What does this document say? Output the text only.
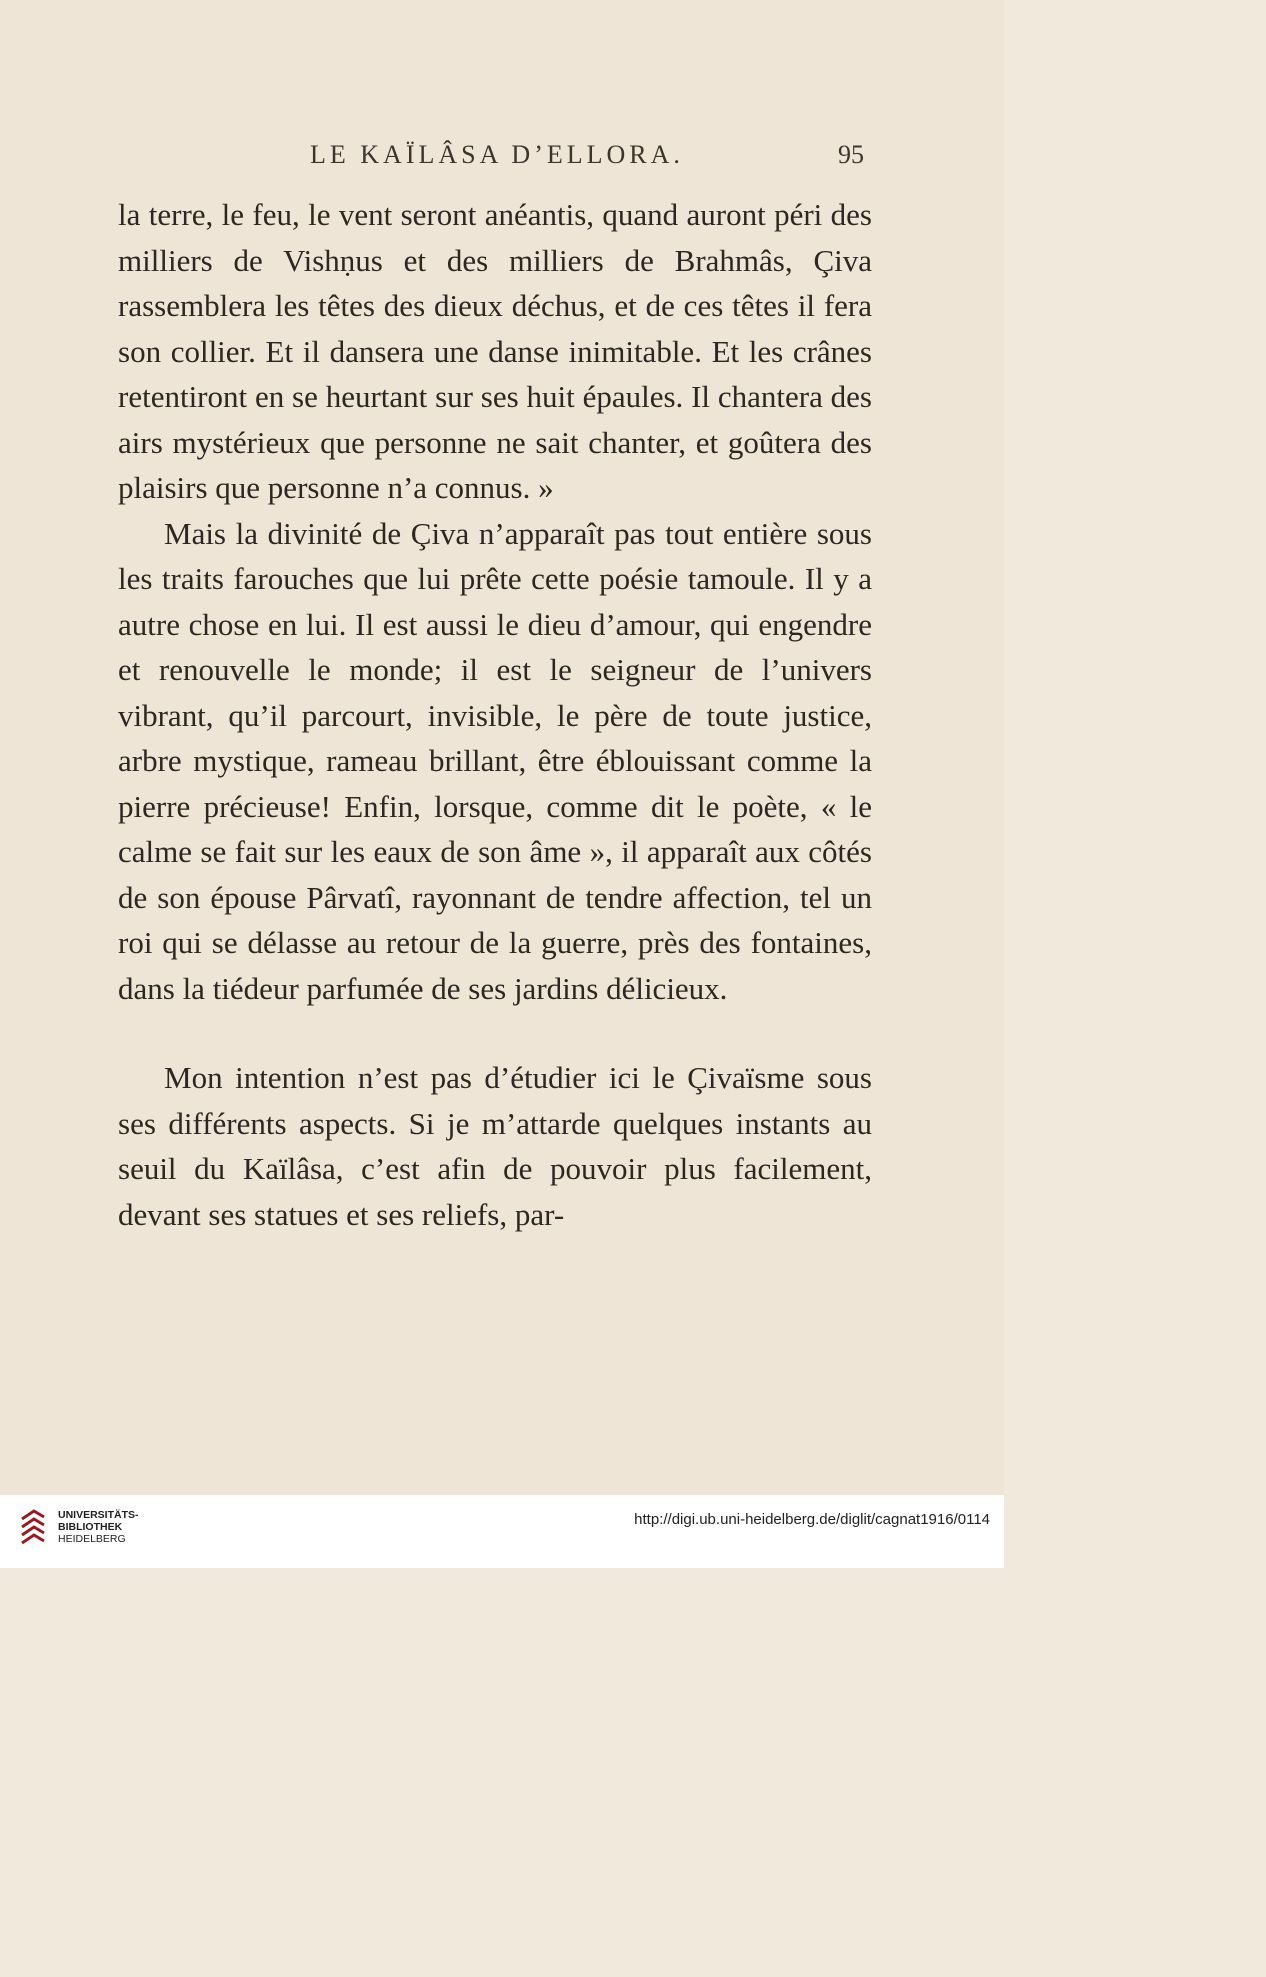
LE KAÏLÂSA D’ELLORA.	95

la terre, le feu, le vent seront anéantis, quand auront péri des milliers de Vishṇus et des milliers de Brahmâs, Çiva rassemblera les têtes des dieux déchus, et de ces têtes il fera son collier. Et il dansera une danse inimitable. Et les crânes retentiront en se heurtant sur ses huit épaules. Il chantera des airs mystérieux que personne ne sait chanter, et goûtera des plaisirs que personne n’a connus. »

Mais la divinité de Çiva n’apparaît pas tout entière sous les traits farouches que lui prête cette poésie tamoule. Il y a autre chose en lui. Il est aussi le dieu d’amour, qui engendre et renouvelle le monde; il est le seigneur de l’univers vibrant, qu’il parcourt, invisible, le père de toute justice, arbre mystique, rameau brillant, être éblouissant comme la pierre précieuse! Enfin, lorsque, comme dit le poète, « le calme se fait sur les eaux de son âme », il apparaît aux côtés de son épouse Pârvatî, rayonnant de tendre affection, tel un roi qui se délasse au retour de la guerre, près des fontaines, dans la tiédeur parfumée de ses jardins délicieux.

Mon intention n’est pas d’étudier ici le Çivaïsme sous ses différents aspects. Si je m’attarde quelques instants au seuil du Kaïlâsa, c’est afin de pouvoir plus facilement, devant ses statues et ses reliefs, par-

UNIVERSITÄTS-
BIBLIOTHEK
HEIDELBERG
http://digi.ub.uni-heidelberg.de/diglit/cagnat1916/0114
